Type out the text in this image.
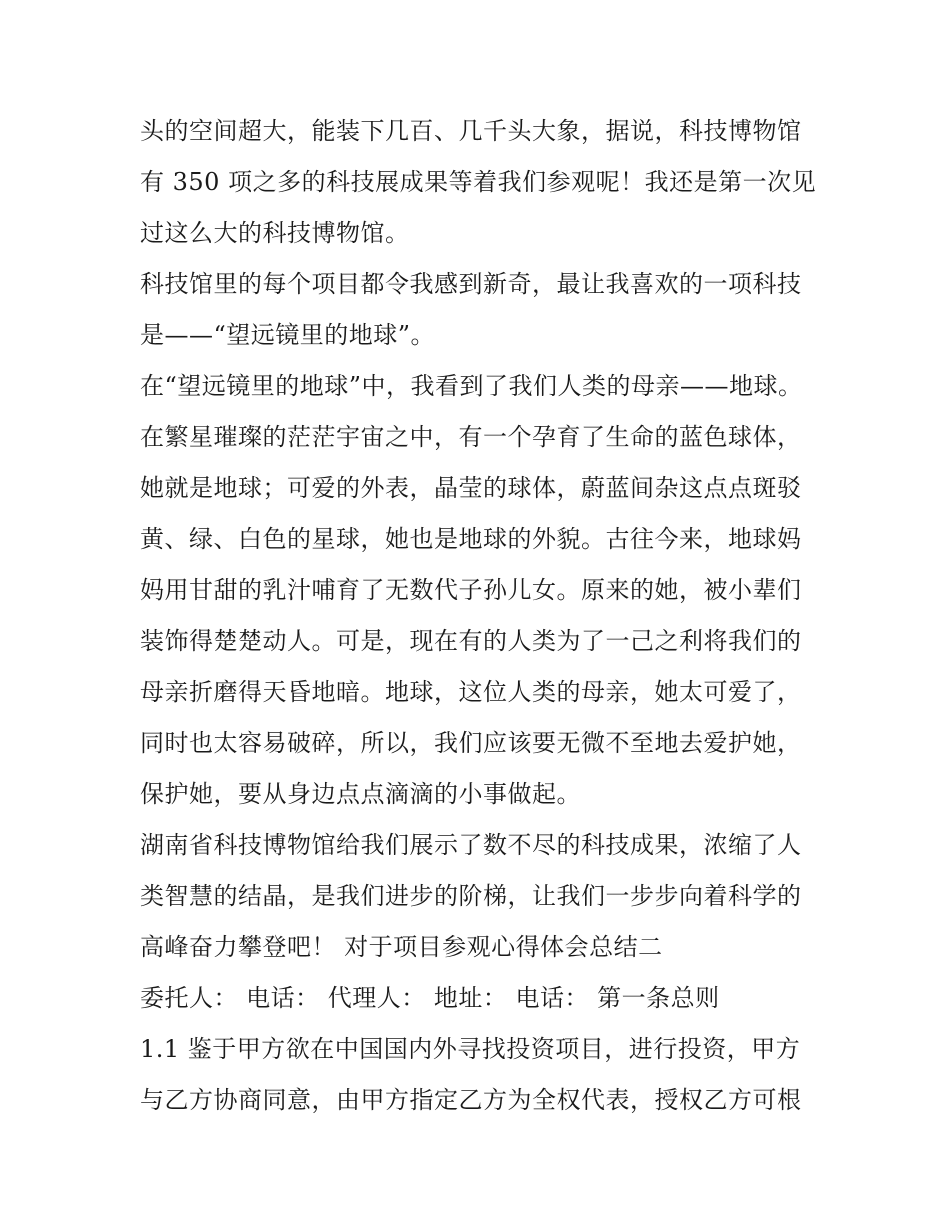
头的空间超大，能装下几百、几千头大象，据说，科技博物馆
有 350 项之多的科技展成果等着我们参观呢！我还是第一次见
过这么大的科技博物馆。
科技馆里的每个项目都令我感到新奇，最让我喜欢的一项科技
是——“望远镜里的地球”。
在“望远镜里的地球”中，我看到了我们人类的母亲——地球。
在繁星璀璨的茫茫宇宙之中，有一个孕育了生命的蓝色球体，
她就是地球；可爱的外表，晶莹的球体，蔚蓝间杂这点点斑驳
黄、绿、白色的星球，她也是地球的外貌。古往今来，地球妈
妈用甘甜的乳汁哺育了无数代子孙儿女。原来的她，被小辈们
装饰得楚楚动人。可是，现在有的人类为了一己之利将我们的
母亲折磨得天昏地暗。地球，这位人类的母亲，她太可爱了，
同时也太容易破碎，所以，我们应该要无微不至地去爱护她，
保护她，要从身边点点滴滴的小事做起。
湖南省科技博物馆给我们展示了数不尽的科技成果，浓缩了人
类智慧的结晶，是我们进步的阶梯，让我们一步步向着科学的
高峰奋力攀登吧！ 对于项目参观心得体会总结二
委托人： 电话： 代理人： 地址： 电话： 第一条总则
1.1 鉴于甲方欲在中国国内外寻找投资项目，进行投资，甲方
与乙方协商同意，由甲方指定乙方为全权代表，授权乙方可根
